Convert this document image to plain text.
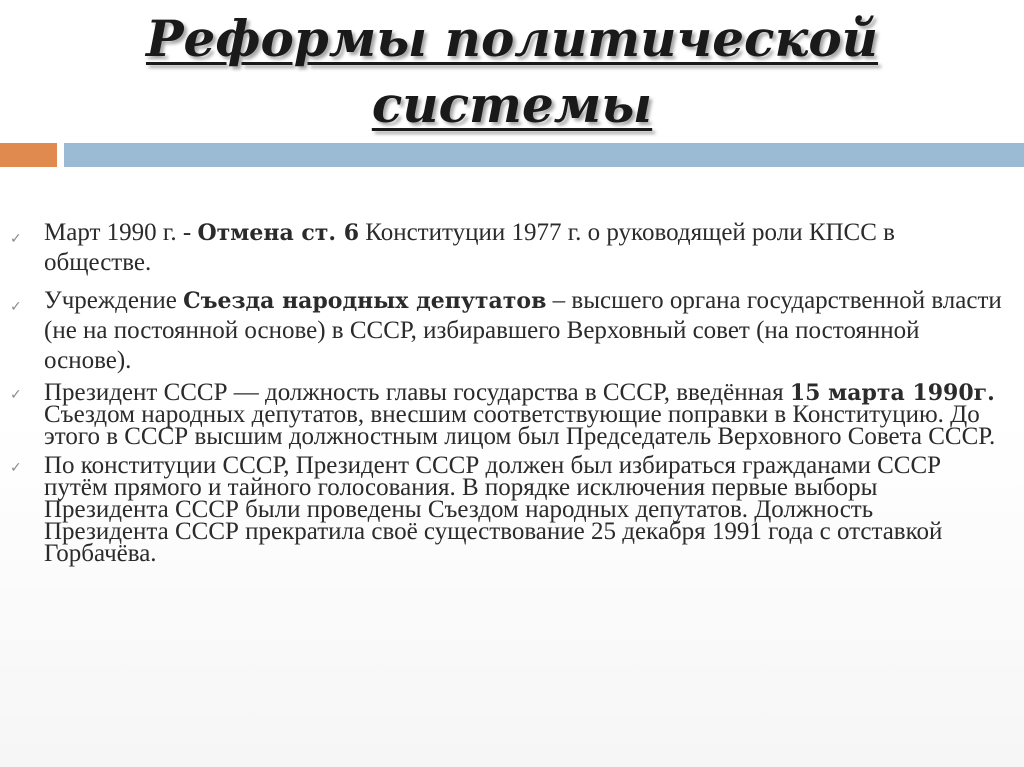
Реформы политической
системы
✓ Март 1990 г. - Отмена ст. 6 Конституции 1977 г. о руководящей роли КПСС в обществе.
✓ Учреждение Съезда народных депутатов – высшего органа государственной власти (не на постоянной основе) в СССР, избиравшего Верховный совет (на постоянной основе).
✓ Президент СССР — должность главы государства в СССР, введённая 15 марта 1990г. Съездом народных депутатов, внесшим соответствующие поправки в Конституцию. До этого в СССР высшим должностным лицом был Председатель Верховного Совета СССР.
✓ По конституции СССР, Президент СССР должен был избираться гражданами СССР путём прямого и тайного голосования. В порядке исключения первые выборы Президента СССР были проведены Съездом народных депутатов. Должность Президента СССР прекратила своё существование 25 декабря 1991 года с отставкой Горбачёва.
